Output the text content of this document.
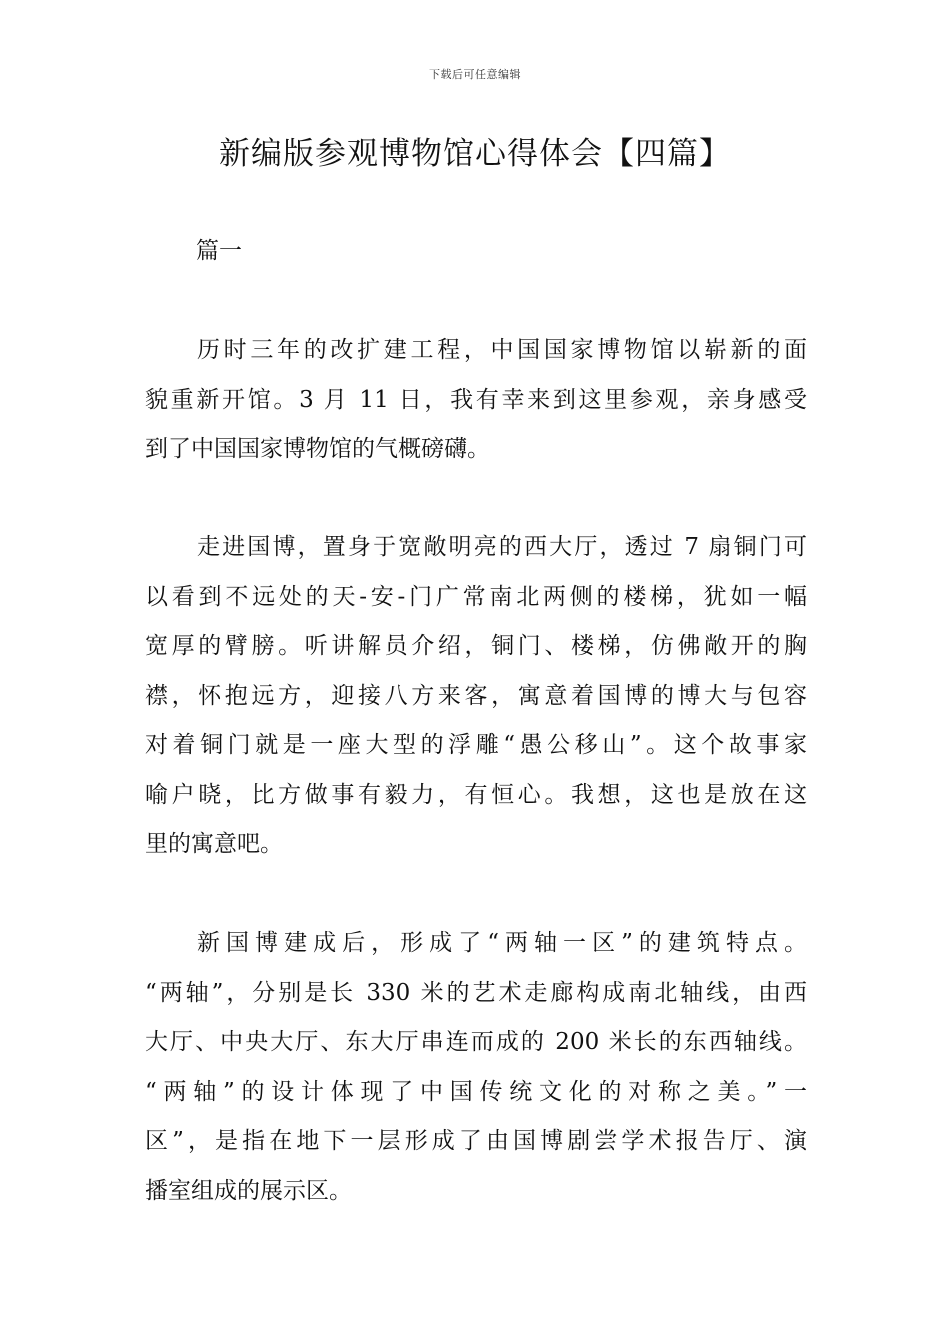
下载后可任意编辑
新编版参观博物馆心得体会【四篇】
篇一
历时三年的改扩建工程，中国国家博物馆以崭新的面
貌重新开馆。3 月 11 日，我有幸来到这里参观，亲身感受
到了中国国家博物馆的气概磅礴。
走进国博，置身于宽敞明亮的西大厅，透过 7 扇铜门可
以看到不远处的天-安-门广常南北两侧的楼梯，犹如一幅
宽厚的臂膀。听讲解员介绍，铜门、楼梯，仿佛敞开的胸
襟，怀抱远方，迎接八方来客，寓意着国博的博大与包容
对着铜门就是一座大型的浮雕“愚公移山”。这个故事家
喻户晓，比方做事有毅力，有恒心。我想，这也是放在这
里的寓意吧。
新国博建成后，形成了“两轴一区”的建筑特点。
“两轴”，分别是长 330 米的艺术走廊构成南北轴线，由西
大厅、中央大厅、东大厅串连而成的 200 米长的东西轴线。
“两轴”的设计体现了中国传统文化的对称之美。”一
区”，是指在地下一层形成了由国博剧尝学术报告厅、演
播室组成的展示区。
